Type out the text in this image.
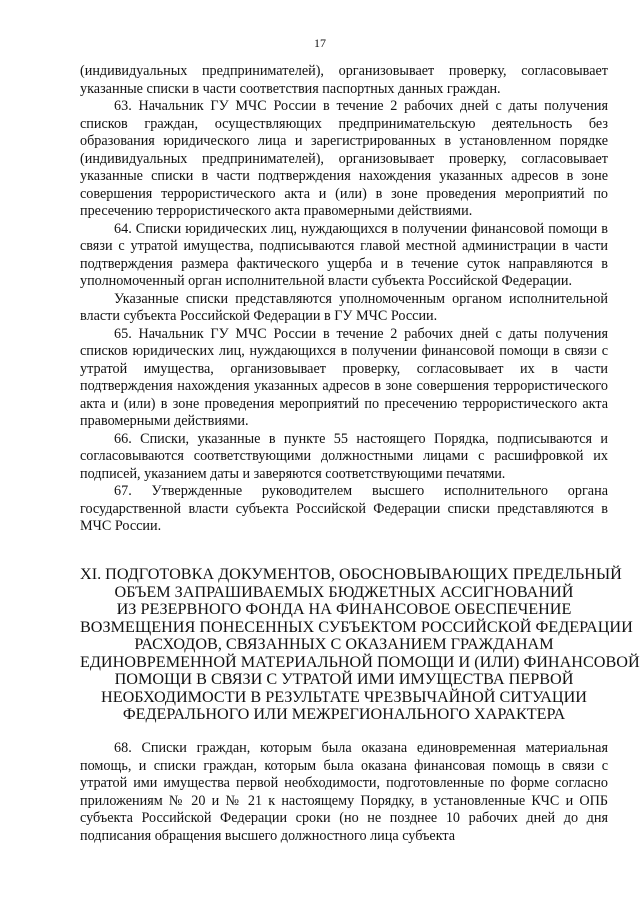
17

(индивидуальных предпринимателей), организовывает проверку, согласовывает указанные списки в части соответствия паспортных данных граждан.

63. Начальник ГУ МЧС России в течение 2 рабочих дней с даты получения списков граждан, осуществляющих предпринимательскую деятельность без образования юридического лица и зарегистрированных в установленном порядке (индивидуальных предпринимателей), организовывает проверку, согласовывает указанные списки в части подтверждения нахождения указанных адресов в зоне совершения террористического акта и (или) в зоне проведения мероприятий по пресечению террористического акта правомерными действиями.

64. Списки юридических лиц, нуждающихся в получении финансовой помощи в связи с утратой имущества, подписываются главой местной администрации в части подтверждения размера фактического ущерба и в течение суток направляются в уполномоченный орган исполнительной власти субъекта Российской Федерации.

Указанные списки представляются уполномоченным органом исполнительной власти субъекта Российской Федерации в ГУ МЧС России.

65. Начальник ГУ МЧС России в течение 2 рабочих дней с даты получения списков юридических лиц, нуждающихся в получении финансовой помощи в связи с утратой имущества, организовывает проверку, согласовывает их в части подтверждения нахождения указанных адресов в зоне совершения террористического акта и (или) в зоне проведения мероприятий по пресечению террористического акта правомерными действиями.

66. Списки, указанные в пункте 55 настоящего Порядка, подписываются и согласовываются соответствующими должностными лицами с расшифровкой их подписей, указанием даты и заверяются соответствующими печатями.

67. Утвержденные руководителем высшего исполнительного органа государственной власти субъекта Российской Федерации списки представляются в МЧС России.

XI. ПОДГОТОВКА ДОКУМЕНТОВ, ОБОСНОВЫВАЮЩИХ ПРЕДЕЛЬНЫЙ
ОБЪЕМ ЗАПРАШИВАЕМЫХ БЮДЖЕТНЫХ АССИГНОВАНИЙ
ИЗ РЕЗЕРВНОГО ФОНДА НА ФИНАНСОВОЕ ОБЕСПЕЧЕНИЕ
ВОЗМЕЩЕНИЯ ПОНЕСЕННЫХ СУБЪЕКТОМ РОССИЙСКОЙ ФЕДЕРАЦИИ
РАСХОДОВ, СВЯЗАННЫХ С ОКАЗАНИЕМ ГРАЖДАНАМ
ЕДИНОВРЕМЕННОЙ МАТЕРИАЛЬНОЙ ПОМОЩИ И (ИЛИ) ФИНАНСОВОЙ
ПОМОЩИ В СВЯЗИ С УТРАТОЙ ИМИ ИМУЩЕСТВА ПЕРВОЙ
НЕОБХОДИМОСТИ В РЕЗУЛЬТАТЕ ЧРЕЗВЫЧАЙНОЙ СИТУАЦИИ
ФЕДЕРАЛЬНОГО ИЛИ МЕЖРЕГИОНАЛЬНОГО ХАРАКТЕРА

68. Списки граждан, которым была оказана единовременная материальная помощь, и списки граждан, которым была оказана финансовая помощь в связи с утратой ими имущества первой необходимости, подготовленные по форме согласно приложениям № 20 и № 21 к настоящему Порядку, в установленные КЧС и ОПБ субъекта Российской Федерации сроки (но не позднее 10 рабочих дней до дня подписания обращения высшего должностного лица субъекта
